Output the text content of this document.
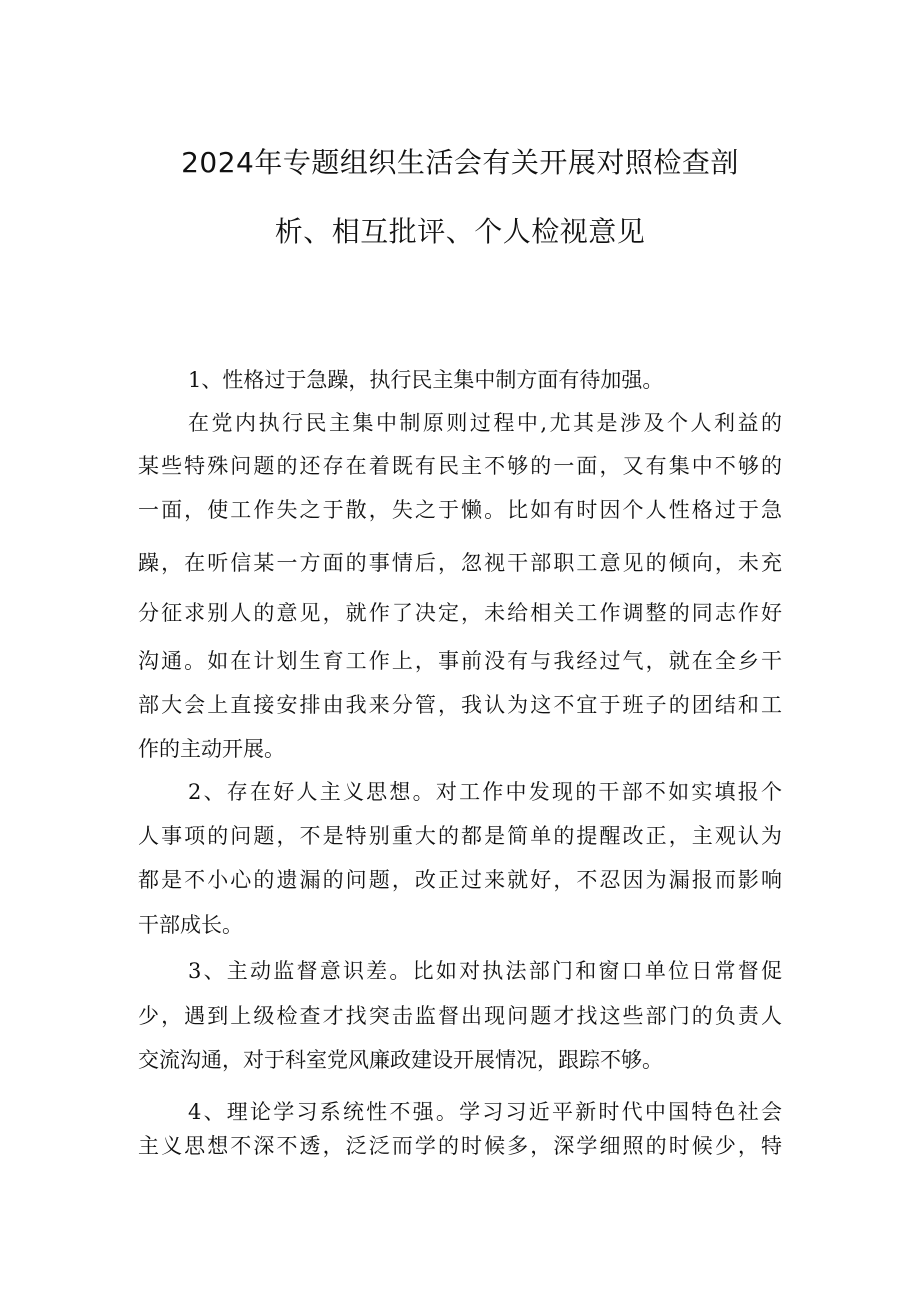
2024年专题组织生活会有关开展对照检查剖
析、相互批评、个人检视意见
1、性格过于急躁，执行民主集中制方面有待加强。
在党内执行民主集中制原则过程中,尤其是涉及个人利益的
某些特殊问题的还存在着既有民主不够的一面，又有集中不够的
一面，使工作失之于散，失之于懒。比如有时因个人性格过于急
躁，在听信某一方面的事情后，忽视干部职工意见的倾向，未充
分征求别人的意见，就作了决定，未给相关工作调整的同志作好
沟通。如在计划生育工作上，事前没有与我经过气，就在全乡干
部大会上直接安排由我来分管，我认为这不宜于班子的团结和工
作的主动开展。
2、存在好人主义思想。对工作中发现的干部不如实填报个
人事项的问题，不是特别重大的都是简单的提醒改正，主观认为
都是不小心的遗漏的问题，改正过来就好，不忍因为漏报而影响
干部成长。
3、主动监督意识差。比如对执法部门和窗口单位日常督促
少，遇到上级检查才找突击监督出现问题才找这些部门的负责人
交流沟通，对于科室党风廉政建设开展情况，跟踪不够。
4、理论学习系统性不强。学习习近平新时代中国特色社会
主义思想不深不透，泛泛而学的时候多，深学细照的时候少，特
